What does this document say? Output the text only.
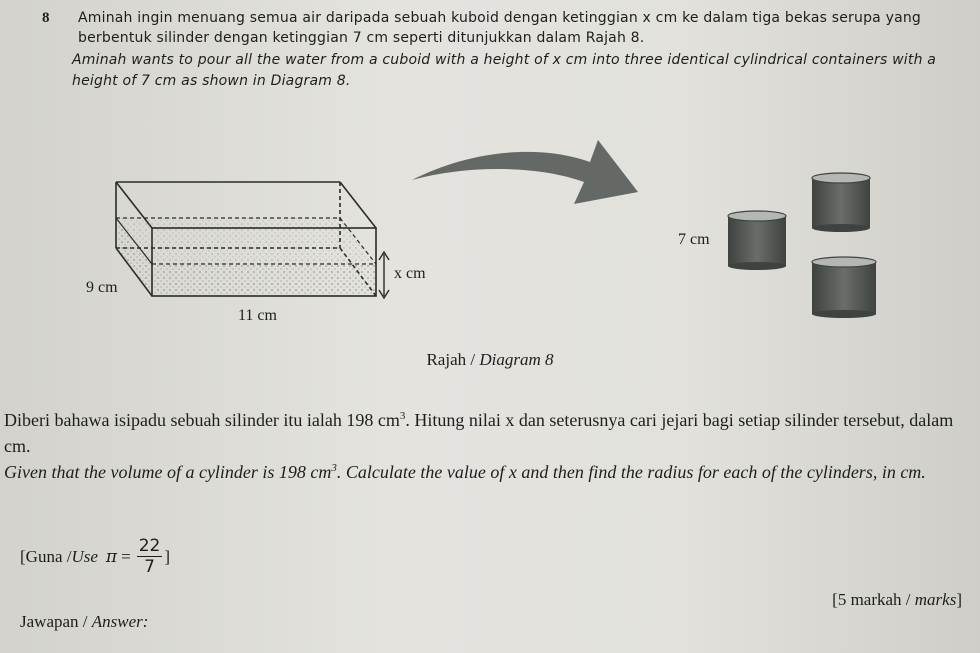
8 Aminah ingin menuang semua air daripada sebuah kuboid dengan ketinggian x cm ke dalam tiga bekas serupa yang berbentuk silinder dengan ketinggian 7 cm seperti ditunjukkan dalam Rajah 8.
Aminah wants to pour all the water from a cuboid with a height of x cm into three identical cylindrical containers with a height of 7 cm as shown in Diagram 8.
x cm
9 cm
11 cm
7 cm
Rajah / Diagram 8
Diberi bahawa isipadu sebuah silinder itu ialah 198 $cm^3$. Hitung nilai x dan seterusnya cari jejari bagi setiap silinder tersebut, dalam cm.
Given that the volume of a cylinder is 198 $cm^3$. Calculate the value of x and then find the radius for each of the cylinders, in cm.
[Guna / Use $\pi = \frac{22}{7}$ ]
[5 markah / marks]
Jawapan / Answer:
